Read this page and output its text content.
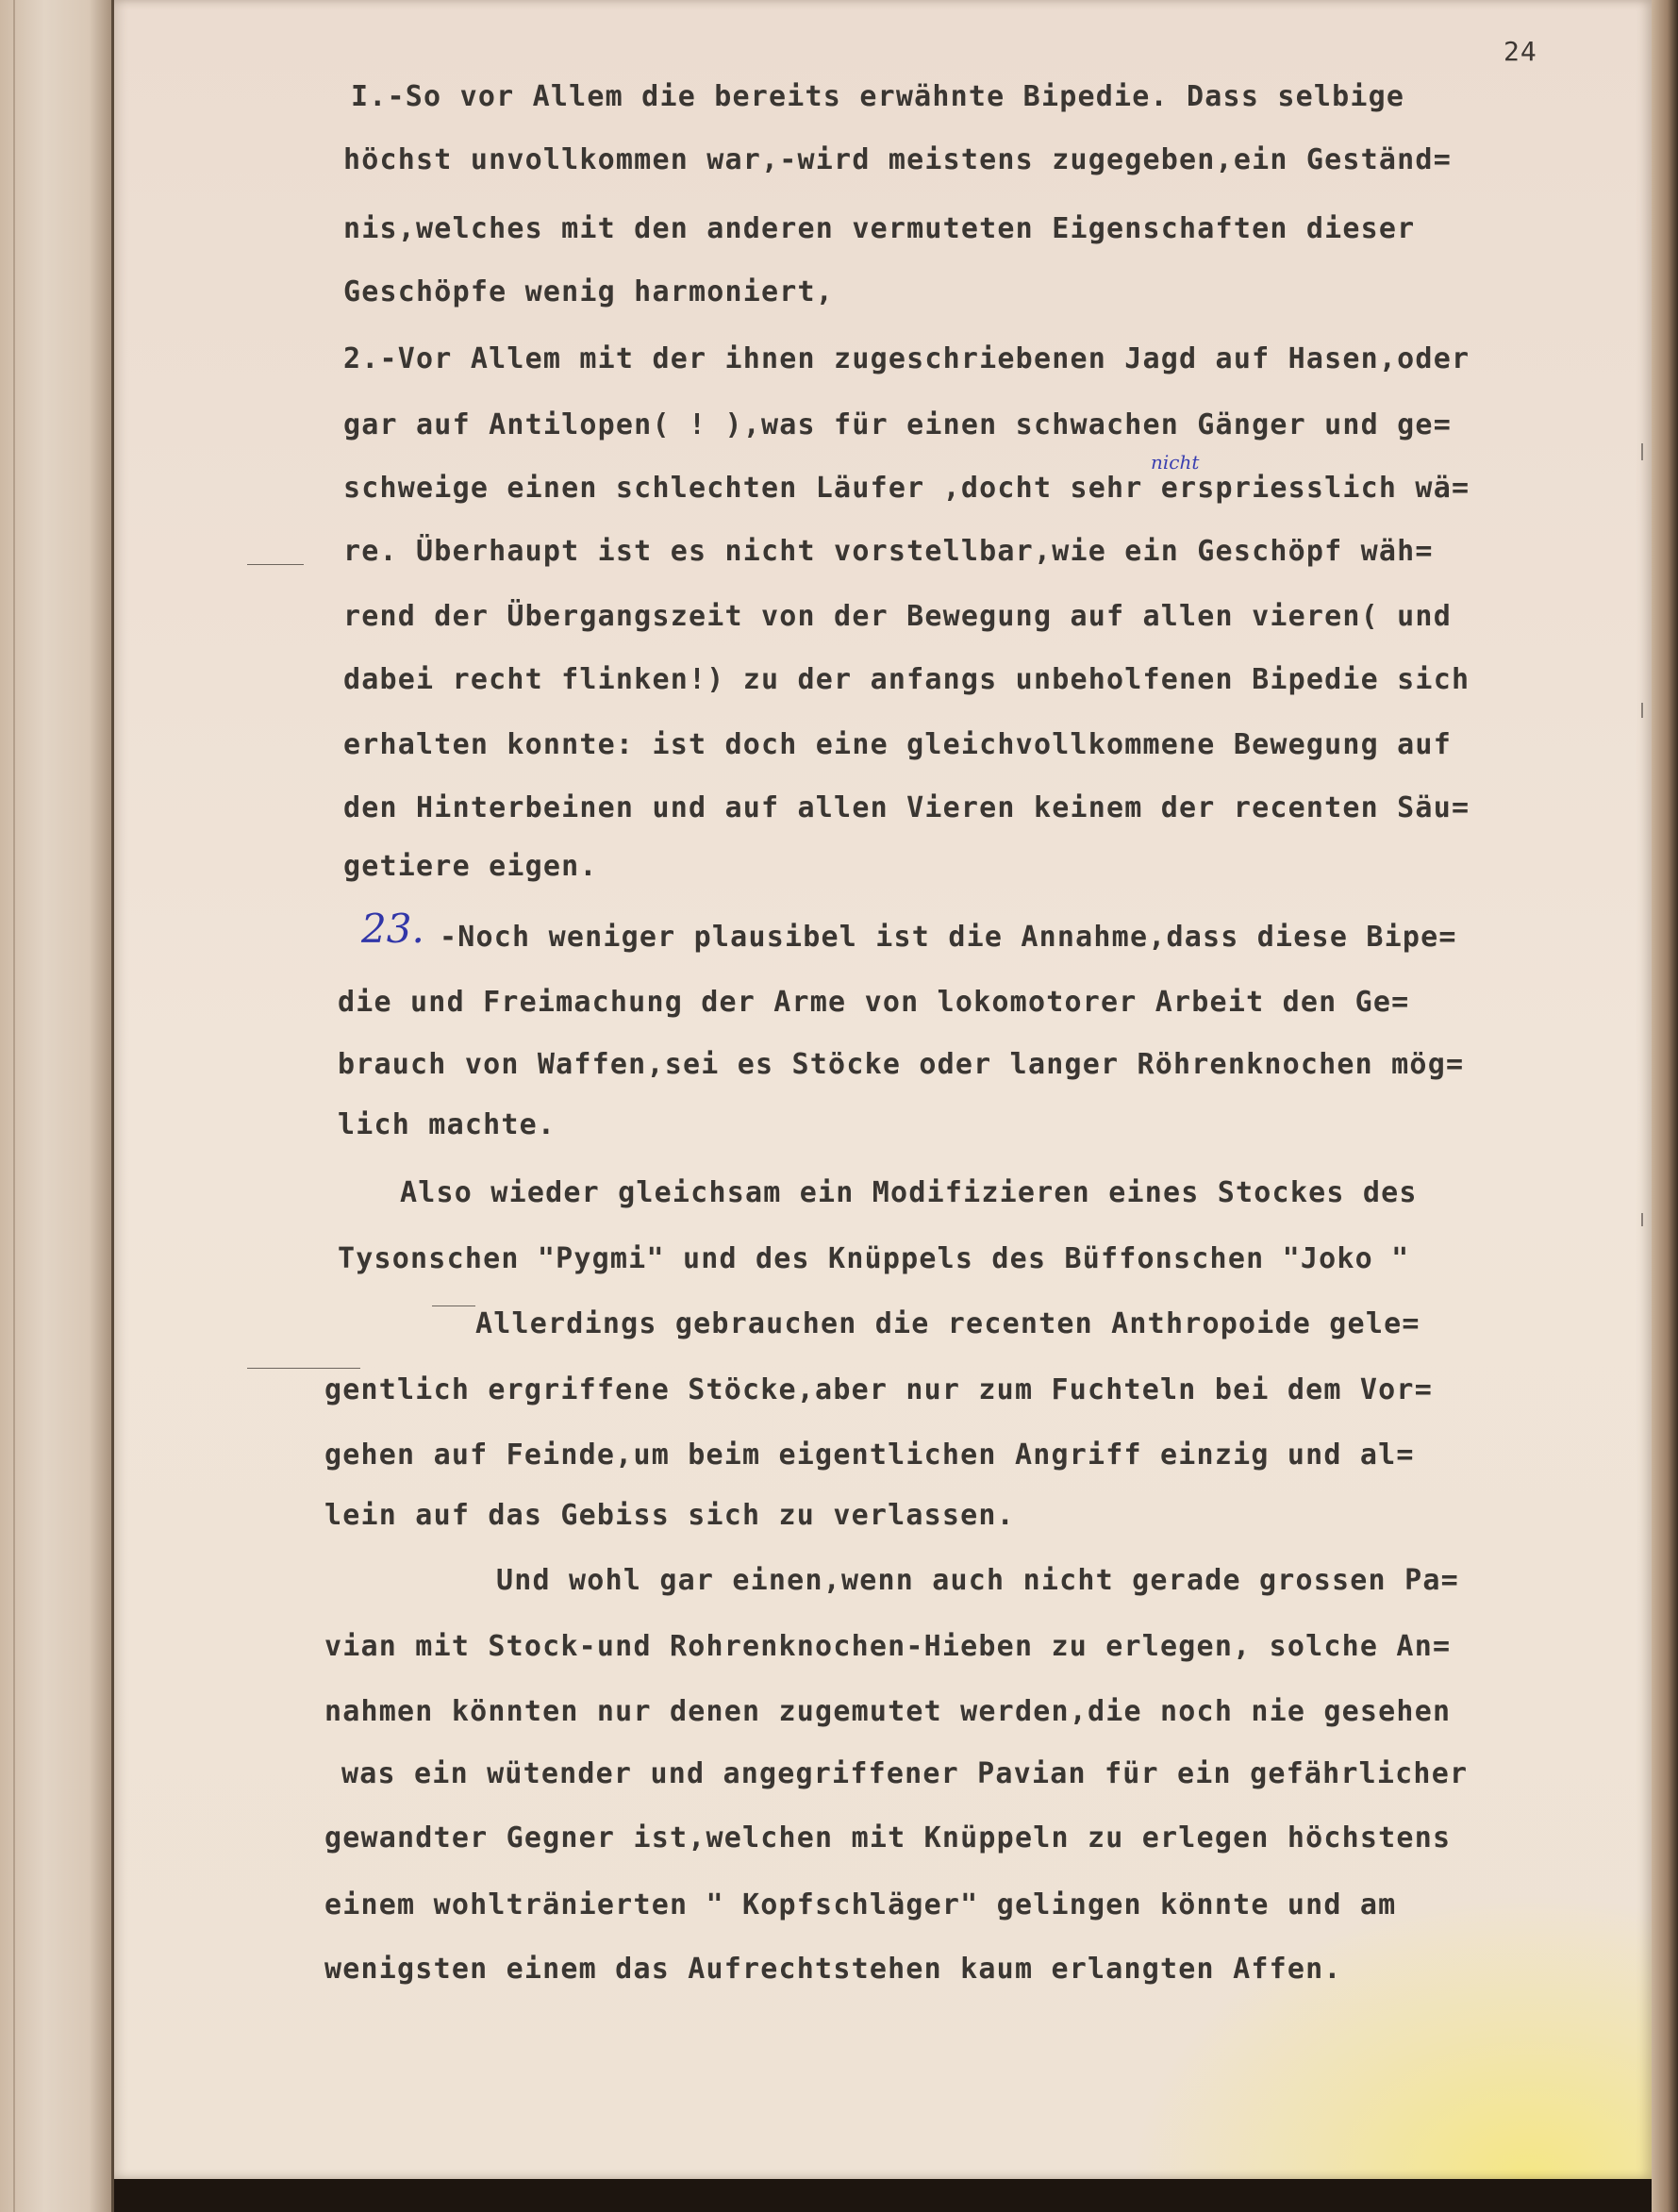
24
I.-So vor Allem die bereits erwähnte Bipedie. Dass selbige
höchst unvollkommen war,-wird meistens zugegeben,ein Geständ=
nis,welches mit den anderen vermuteten Eigenschaften dieser
Geschöpfe wenig harmoniert,
2.-Vor Allem mit der ihnen zugeschriebenen Jagd auf Hasen,oder
gar auf Antilopen( ! ),was für einen schwachen Gänger und ge=
schweige einen schlechten Läufer ,docht sehr erspriesslich wä=
re. Überhaupt ist es nicht vorstellbar,wie ein Geschöpf wäh=
rend der Übergangszeit von der Bewegung auf allen vieren( und
dabei recht flinken!) zu der anfangs unbeholfenen Bipedie sich
erhalten konnte: ist doch eine gleichvollkommene Bewegung auf
den Hinterbeinen und auf allen Vieren keinem der recenten Säu=
getiere eigen.
23. -Noch weniger plausibel ist die Annahme,dass diese Bipe=
die und Freimachung der Arme von lokomotorer Arbeit den Ge=
brauch von Waffen,sei es Stöcke oder langer Röhrenknochen mög=
lich machte.
Also wieder gleichsam ein Modifizieren eines Stockes des
Tysonschen "Pygmi" und des Knüppels des Büffonschen "Joko "
Allerdings gebrauchen die recenten Anthropoide gele=
gentlich ergriffene Stöcke,aber nur zum Fuchteln bei dem Vor=
gehen auf Feinde,um beim eigentlichen Angriff einzig und al=
lein auf das Gebiss sich zu verlassen.
Und wohl gar einen,wenn auch nicht gerade grossen Pa=
vian mit Stock-und Rohrenknochen-Hieben zu erlegen, solche An=
nahmen könnten nur denen zugemutet werden,die noch nie gesehen
was ein wütender und angegriffener Pavian für ein gefährlicher
gewandter Gegner ist,welchen mit Knüppeln zu erlegen höchstens
einem wohltränierten " Kopfschläger" gelingen könnte und am
wenigsten einem das Aufrechtstehen kaum erlangten Affen.
nicht
